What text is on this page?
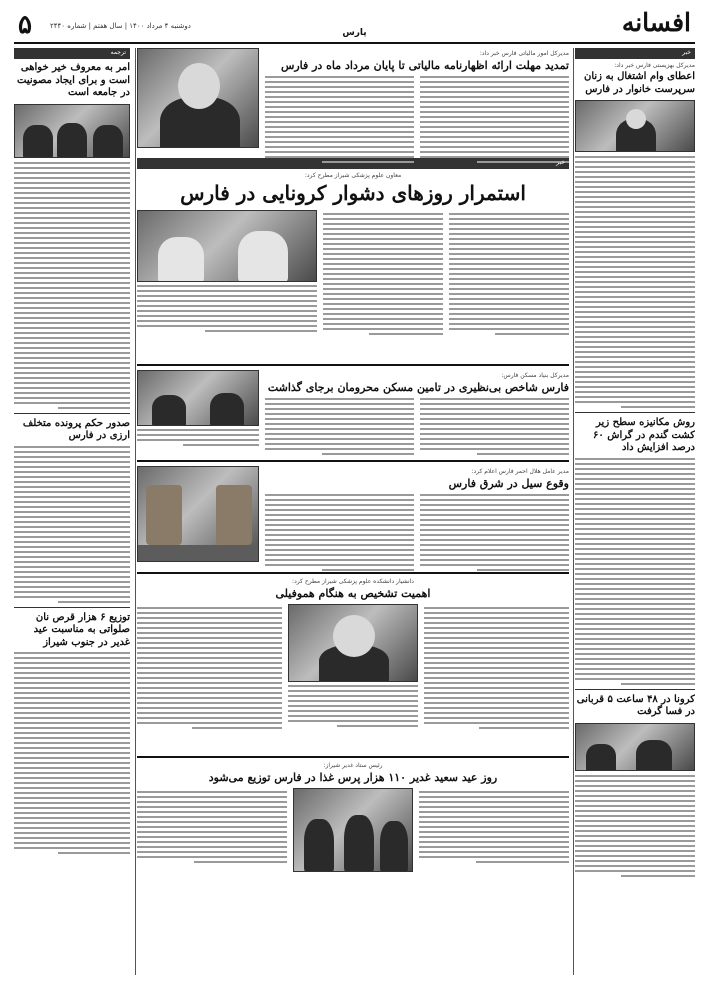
۵	دوشنبه ۴ مرداد ۱۴۰۰ | سال هفتم | شماره ۲۴۴۰
پارس	افسانه
خبر
مدیرکل بهزیستی فارس خبر داد:
اعطای وام اشتغال به زنان سرپرست خانوار در فارس
روش مکانیزه سطح زیر کشت گندم در گراش ۶۰ درصد افزایش داد
کرونا در ۴۸ ساعت ۵ قربانی در فسا گرفت
مدیرکل امور مالیاتی فارس خبر داد:
تمدید مهلت ارائه اظهارنامه مالیاتی تا پایان مرداد ماه در فارس
خبر
معاون علوم پزشکی شیراز مطرح کرد:
استمرار روزهای دشوار کرونایی در فارس
مدیرکل بنیاد مسکن فارس:
فارس شاخص بی‌نظیری در تامین مسکن محرومان برجای گذاشت
مدیر عامل هلال احمر فارس اعلام کرد:
وقوع سیل در شرق فارس
دانشیار دانشکده علوم پزشکی شیراز مطرح کرد:
اهمیت تشخیص به هنگام هموفیلی
رئیس ستاد غدیر شیراز:
روز عید سعید غدیر ۱۱۰ هزار پرس غذا در فارس توزیع می‌شود
ترجمه
امر به معروف خیر خواهی است و برای ایجاد مصونیت در جامعه است
صدور حکم پرونده متخلف ارزی در فارس
توزیع ۶ هزار قرص نان صلواتی به مناسبت عید غدیر در جنوب شیراز
